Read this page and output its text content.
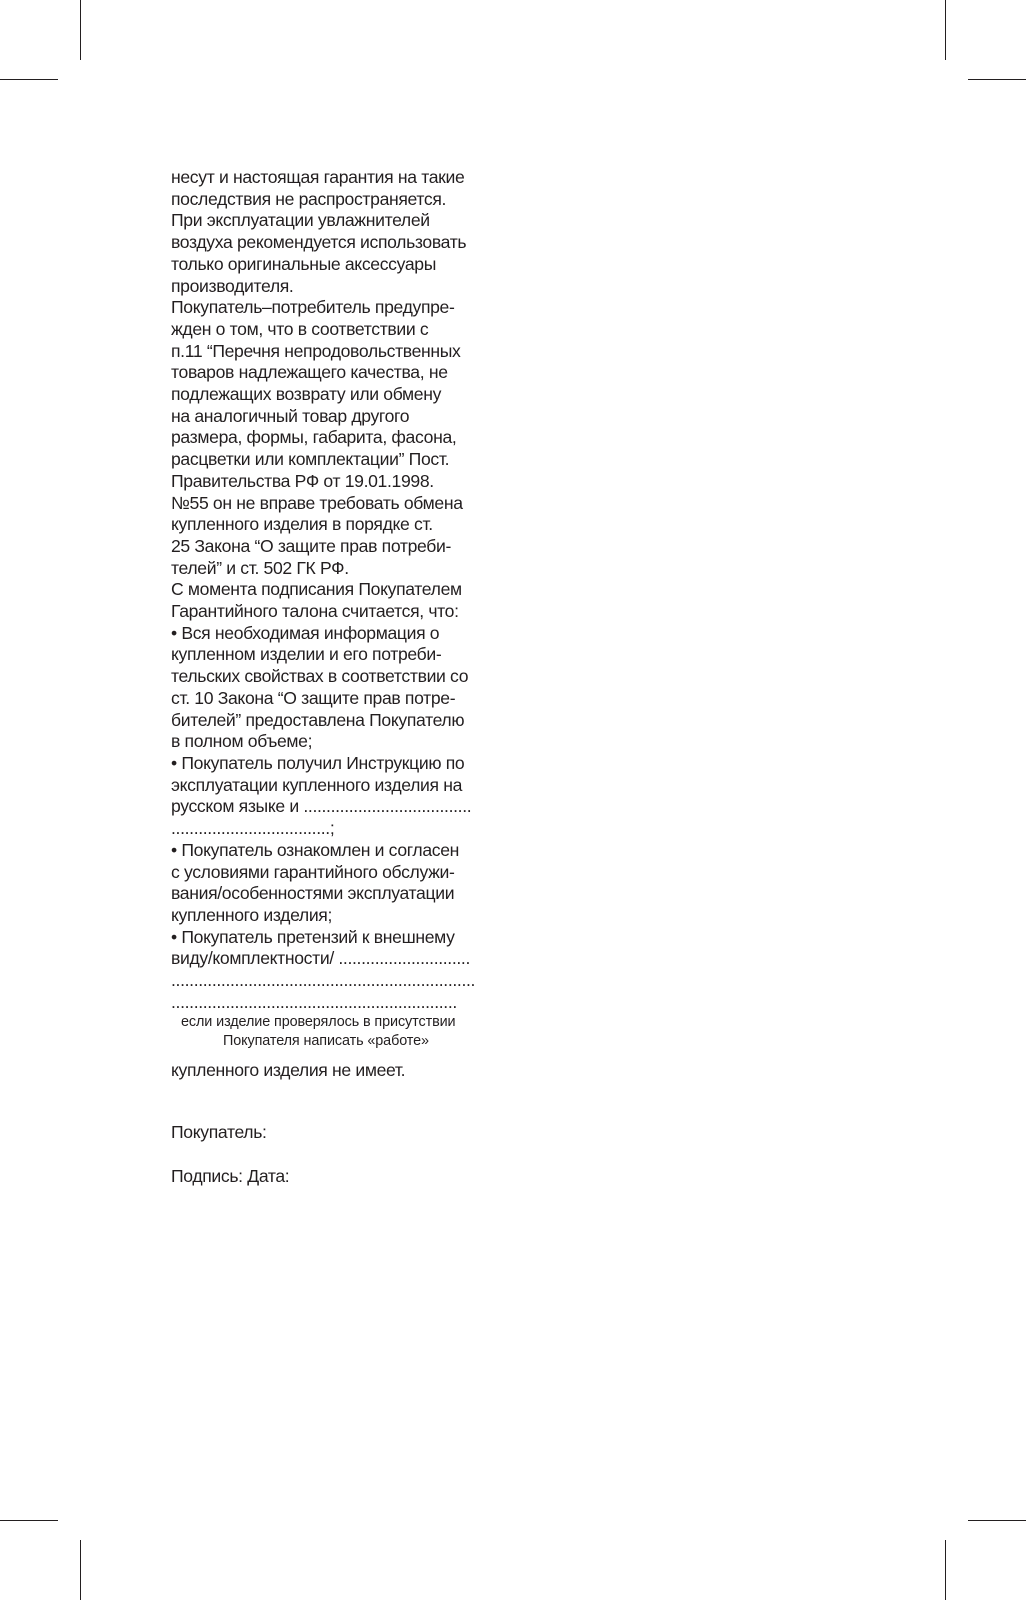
несут и настоящая гарантия на такие
последствия не распространяется.
При эксплуатации увлажнителей
воздуха рекомендуется использовать
только оригинальные аксессуары
производителя.
Покупатель–потребитель предупре-
жден о том, что в соответствии с
п.11 “Перечня непродовольственных
товаров надлежащего качества, не
подлежащих возврату или обмену
на аналогичный товар другого
размера, формы, габарита, фасона,
расцветки или комплектации” Пост.
Правительства РФ от 19.01.1998.
№55 он не вправе требовать обмена
купленного изделия в порядке ст.
25 Закона “О защите прав потреби-
телей” и ст. 502 ГК РФ.
С момента подписания Покупателем
Гарантийного талона считается, что:
• Вся необходимая информация о
купленном изделии и его потреби-
тельских свойствах в соответствии со
ст. 10 Закона “О защите прав потре-
бителей” предоставлена Покупателю
в полном объеме;
• Покупатель получил Инструкцию по
эксплуатации купленного изделия на
русском языке и .....................................
...................................;
• Покупатель ознакомлен и согласен
с условиями гарантийного обслужи-
вания/особенностями эксплуатации
купленного изделия;
• Покупатель претензий к внешнему
виду/комплектности/ .............................
...................................................................
...............................................................
если изделие проверялось в присутствии
Покупателя написать «работе»
купленного изделия не имеет.
Покупатель:
Подпись: Дата:
